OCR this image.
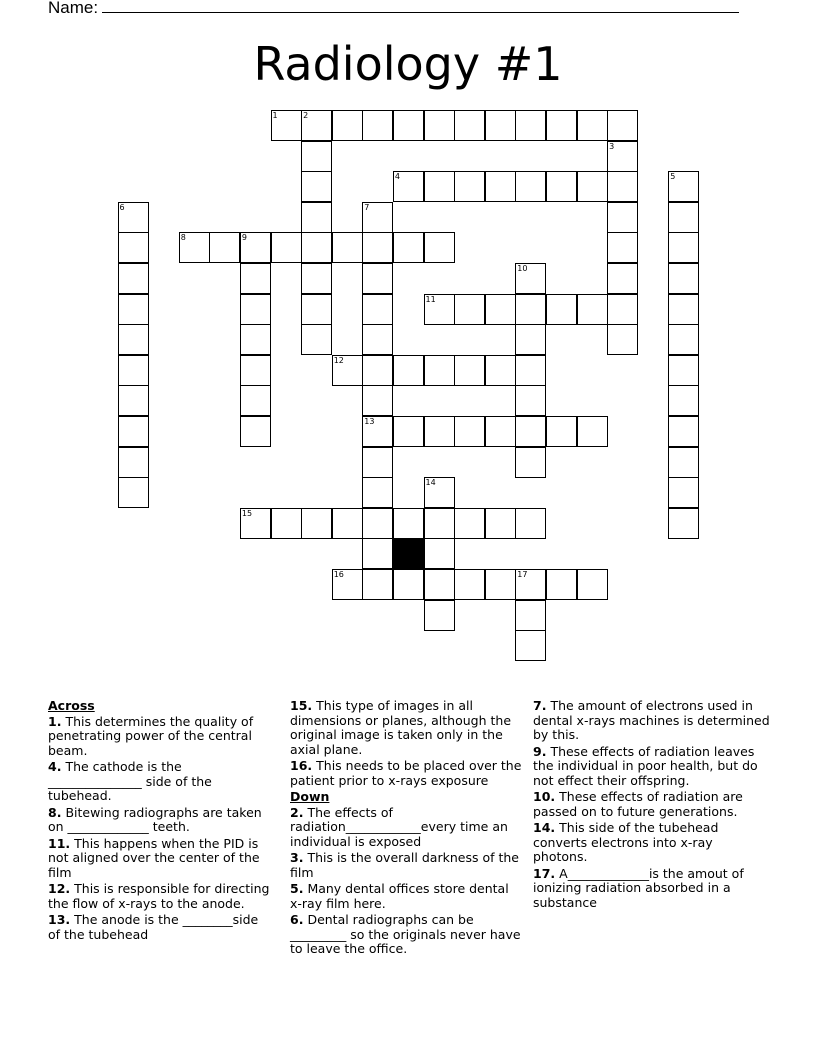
Name:
Radiology #1
1	2
3
4	5
6	7
8	9
10
11
12
13
14
15
16	17
Across
1. This determines the quality of penetrating power of the central beam.
4. The cathode is the _______________ side of the tubehead.
8. Bitewing radiographs are taken on _____________ teeth.
11. This happens when the PID is not aligned over the center of the film
12. This is responsible for directing the flow of x-rays to the anode.
13. The anode is the ________side of the tubehead
15. This type of images in all dimensions or planes, although the original image is taken only in the axial plane.
16. This needs to be placed over the patient prior to x-rays exposure
Down
2. The effects of radiation____________every time an individual is exposed
3. This is the overall darkness of the film
5. Many dental offices store dental x-ray film here.
6. Dental radiographs can be _________ so the originals never have to leave the office.
7. The amount of electrons used in dental x-rays machines is determined by this.
9. These effects of radiation leaves the individual in poor health, but do not effect their offspring.
10. These effects of radiation are passed on to future generations.
14. This side of the tubehead converts electrons into x-ray photons.
17. A_____________is the amout of ionizing radiation absorbed in a substance
